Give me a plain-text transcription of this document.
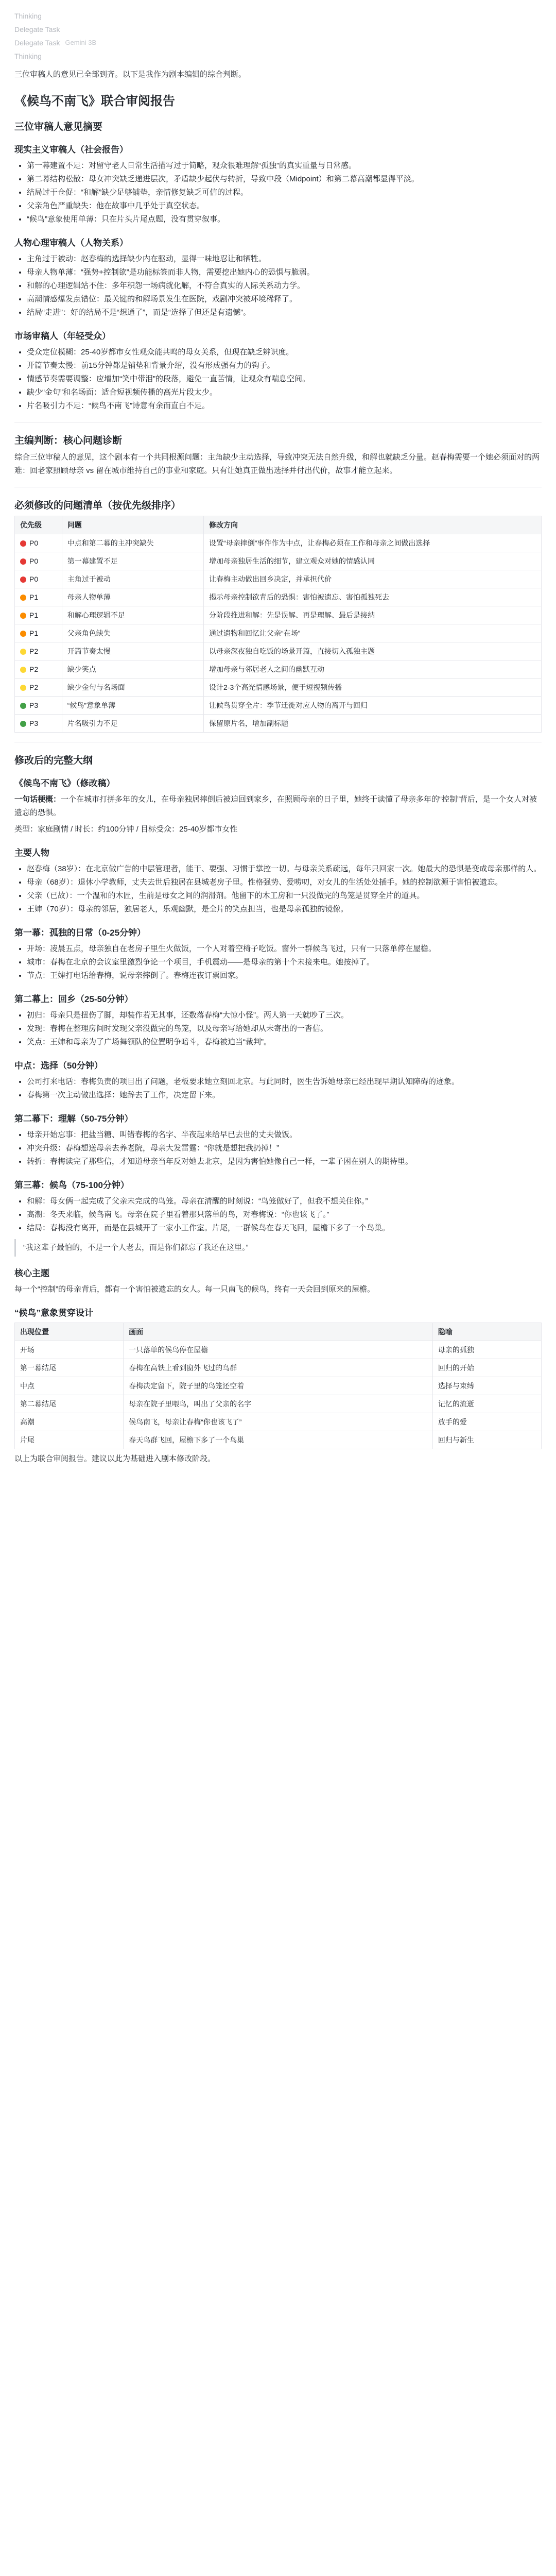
Thinking
Delegate Task
Delegate Task Gemini 3B
Thinking

三位审稿人的意见已全部到齐。以下是我作为剧本编辑的综合判断。

《候鸟不南飞》联合审阅报告
三位审稿人意见摘要
现实主义审稿人（社会报告）
• 第一幕建置不足：对留守老人日常生活描写过于简略，观众很难理解“孤独”的真实重量与日常感。
• 第二幕结构松散：母女冲突缺乏递进层次，矛盾缺少起伏与转折，导致中段（Midpoint）和第二幕高潮都显得平淡。
• 结局过于仓促：“和解”缺少足够铺垫，亲情修复缺乏可信的过程。
• 父亲角色严重缺失：他在故事中几乎处于真空状态。
• “候鸟”意象使用单薄：只在片头片尾点题，没有贯穿叙事。
人物心理审稿人（人物关系）
• 主角过于被动：赵春梅的选择缺少内在驱动，显得一味地忍让和牺牲。
• 母亲人物单薄：“强势+控制欲”是功能标签而非人物，需要挖出她内心的恐惧与脆弱。
• 和解的心理逻辑站不住：多年积怨一场病就化解，不符合真实的人际关系动力学。
• 高潮情感爆发点错位：最关键的和解场景发生在医院，戏剧冲突被环境稀释了。
• 结局“走进”：好的结局不是“想通了”，而是“选择了但还是有遗憾”。
市场审稿人（年轻受众）
• 受众定位模糊：25-40岁都市女性观众能共鸣的母女关系，但现在缺乏辨识度。
• 开篇节奏太慢：前15分钟都是铺垫和背景介绍，没有形成强有力的钩子。
• 情感节奏需要调整：应增加“笑中带泪”的段落，避免一直苦情，让观众有喘息空间。
• 缺少“金句”和名场面：适合短视频传播的高光片段太少。
• 片名吸引力不足：“候鸟不南飞”诗意有余而直白不足。
主编判断：核心问题诊断

综合三位审稿人的意见，这个剧本有一个共同根源问题：主角缺少主动选择，导致冲突无法自然升级，和解也就缺乏分量。赵春梅需要一个她必须面对的两难：回老家照顾母亲 vs 留在城市维持自己的事业和家庭。只有让她真正做出选择并付出代价，故事才能立起来。

必须修改的问题清单（按优先级排序）
优先级	问题	修改方向
P0	中点和第二幕的主冲突缺失	设置“母亲摔倒”事件作为中点，让春梅必须在工作和母亲之间做出选择
P0	第一幕建置不足	增加母亲独居生活的细节，建立观众对她的情感认同
P0	主角过于被动	让春梅主动做出回乡决定，并承担代价
P1	母亲人物单薄	揭示母亲控制欲背后的恐惧：害怕被遗忘、害怕孤独死去
P1	和解心理逻辑不足	分阶段推进和解：先是误解、再是理解、最后是接纳
P1	父亲角色缺失	通过遗物和回忆让父亲“在场”
P2	开篇节奏太慢	以母亲深夜独自吃饭的场景开篇，直接切入孤独主题
P2	缺少笑点	增加母亲与邻居老人之间的幽默互动
P2	缺少金句与名场面	设计2-3个高光情感场景，便于短视频传播
P3	“候鸟”意象单薄	让候鸟贯穿全片：季节迁徙对应人物的离开与回归
P3	片名吸引力不足	保留原片名，增加副标题
修改后的完整大纲
《候鸟不南飞》（修改稿）

一句话梗概：一个在城市打拼多年的女儿，在母亲独居摔倒后被迫回到家乡，在照顾母亲的日子里，她终于读懂了母亲多年的“控制”背后，是一个女人对被遗忘的恐惧。

类型：家庭剧情 / 时长：约100分钟 / 目标受众：25-40岁都市女性

主要人物
• 赵春梅（38岁）：在北京做广告的中层管理者，能干、要强、习惯于掌控一切。与母亲关系疏远，每年只回家一次。她最大的恐惧是变成母亲那样的人。
• 母亲（68岁）：退休小学教师，丈夫去世后独居在县城老房子里。性格强势、爱唠叨，对女儿的生活处处插手。她的控制欲源于害怕被遗忘。
• 父亲（已故）：一个温和的木匠，生前是母女之间的润滑剂。他留下的木工房和一只没做完的鸟笼是贯穿全片的道具。
• 王婶（70岁）：母亲的邻居，独居老人，乐观幽默，是全片的笑点担当，也是母亲孤独的镜像。
第一幕：孤独的日常（0-25分钟）
• 开场：凌晨五点，母亲独自在老房子里生火做饭，一个人对着空椅子吃饭。窗外一群候鸟飞过，只有一只落单停在屋檐。
• 城市：春梅在北京的会议室里激烈争论一个项目，手机震动——是母亲的第十个未接来电。她按掉了。
• 节点：王婶打电话给春梅，说母亲摔倒了。春梅连夜订票回家。
第二幕上：回乡（25-50分钟）
• 初归：母亲只是扭伤了脚，却装作若无其事，还数落春梅“大惊小怪”。两人第一天就吵了三次。
• 发现：春梅在整理房间时发现父亲没做完的鸟笼，以及母亲写给她却从未寄出的一沓信。
• 笑点：王婶和母亲为了广场舞领队的位置明争暗斗，春梅被迫当“裁判”。
中点：选择（50分钟）
• 公司打来电话：春梅负责的项目出了问题，老板要求她立刻回北京。与此同时，医生告诉她母亲已经出现早期认知障碍的迹象。
• 春梅第一次主动做出选择：她辞去了工作，决定留下来。
第二幕下：理解（50-75分钟）
• 母亲开始忘事：把盐当糖、叫错春梅的名字、半夜起来给早已去世的丈夫做饭。
• 冲突升级：春梅想送母亲去养老院，母亲大发雷霆：“你就是想把我扔掉！”
• 转折：春梅读完了那些信，才知道母亲当年反对她去北京，是因为害怕她像自己一样，一辈子困在别人的期待里。
第三幕：候鸟（75-100分钟）
• 和解：母女俩一起完成了父亲未完成的鸟笼。母亲在清醒的时刻说：“鸟笼做好了，但我不想关住你。”
• 高潮：冬天来临，候鸟南飞。母亲在院子里看着那只落单的鸟，对春梅说：“你也该飞了。”
• 结局：春梅没有离开，而是在县城开了一家小工作室。片尾，一群候鸟在春天飞回，屋檐下多了一个鸟巢。

“我这辈子最怕的，不是一个人老去，而是你们都忘了我还在这里。”

核心主题

每一个“控制”的母亲背后，都有一个害怕被遗忘的女人。每一只南飞的候鸟，终有一天会回到原来的屋檐。

“候鸟”意象贯穿设计
出现位置	画面	隐喻
开场	一只落单的候鸟停在屋檐	母亲的孤独
第一幕结尾	春梅在高铁上看到窗外飞过的鸟群	回归的开始
中点	春梅决定留下，院子里的鸟笼还空着	选择与束缚
第二幕结尾	母亲在院子里喂鸟，叫出了父亲的名字	记忆的流逝
高潮	候鸟南飞，母亲让春梅“你也该飞了”	放手的爱
片尾	春天鸟群飞回，屋檐下多了一个鸟巢	回归与新生

以上为联合审阅报告。建议以此为基础进入剧本修改阶段。
